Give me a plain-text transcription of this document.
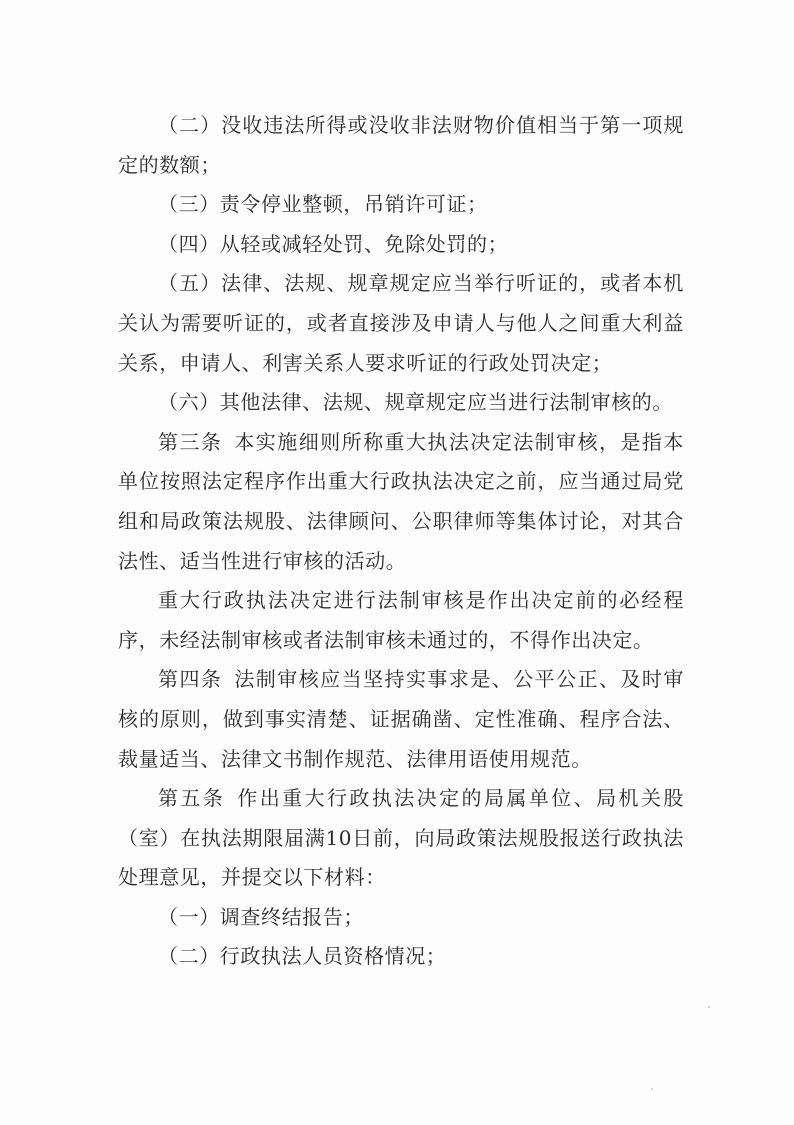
（二）没收违法所得或没收非法财物价值相当于第一项规定的数额；

（三）责令停业整顿，吊销许可证；

（四）从轻或减轻处罚、免除处罚的；

（五）法律、法规、规章规定应当举行听证的，或者本机关认为需要听证的，或者直接涉及申请人与他人之间重大利益关系，申请人、利害关系人要求听证的行政处罚决定；

（六）其他法律、法规、规章规定应当进行法制审核的。

第三条 本实施细则所称重大执法决定法制审核，是指本单位按照法定程序作出重大行政执法决定之前，应当通过局党组和局政策法规股、法律顾问、公职律师等集体讨论，对其合法性、适当性进行审核的活动。

重大行政执法决定进行法制审核是作出决定前的必经程序，未经法制审核或者法制审核未通过的，不得作出决定。

第四条 法制审核应当坚持实事求是、公平公正、及时审核的原则，做到事实清楚、证据确凿、定性准确、程序合法、裁量适当、法律文书制作规范、法律用语使用规范。

第五条 作出重大行政执法决定的局属单位、局机关股（室）在执法期限届满10日前，向局政策法规股报送行政执法处理意见，并提交以下材料：

（一）调查终结报告；

（二）行政执法人员资格情况；
